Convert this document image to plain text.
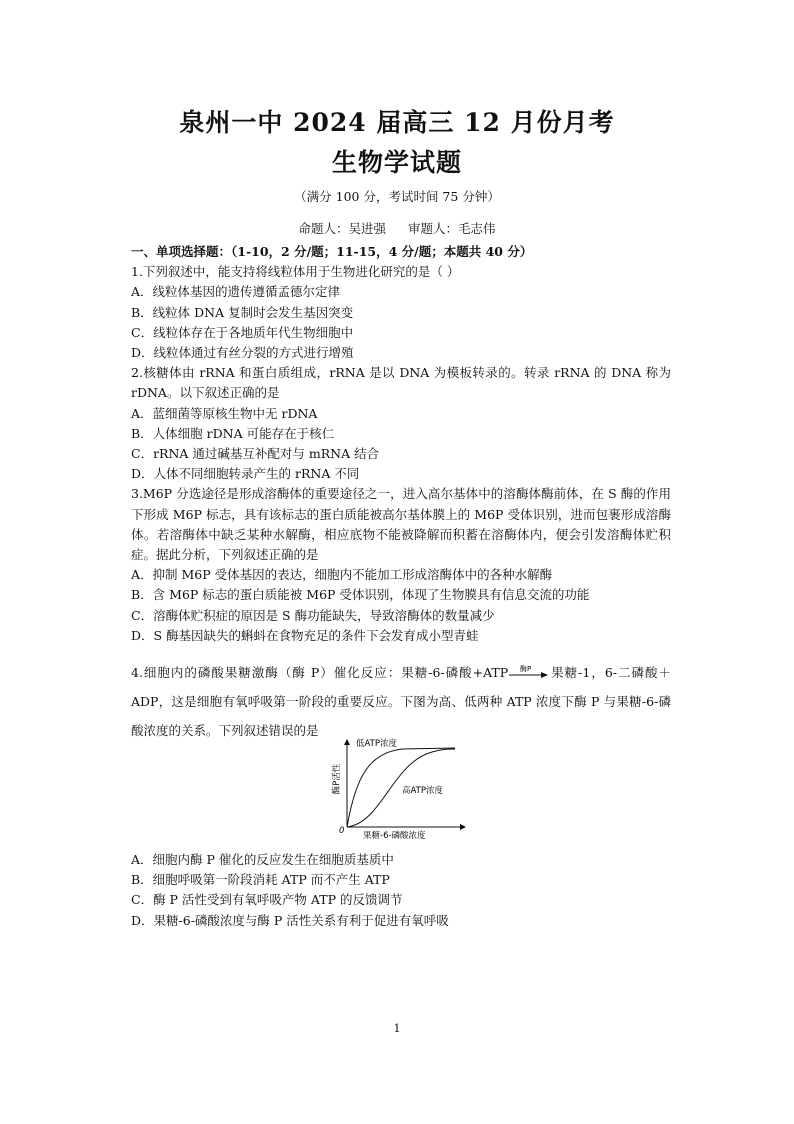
泉州一中 2024 届高三 12 月份月考
生物学试题
（满分 100 分，考试时间 75 分钟）
命题人：吴进强 审题人：毛志伟

一、单项选择题：（1-10，2 分/题；11-15，4 分/题；本题共 40 分）

1.下列叙述中，能支持将线粒体用于生物进化研究的是（ ）

A．线粒体基因的遗传遵循孟德尔定律

B．线粒体 DNA 复制时会发生基因突变

C．线粒体存在于各地质年代生物细胞中

D．线粒体通过有丝分裂的方式进行增殖

2.核糖体由 rRNA 和蛋白质组成，rRNA 是以 DNA 为模板转录的。转录 rRNA 的 DNA 称为 rDNA。以下叙述正确的是

A．蓝细菌等原核生物中无 rDNA

B．人体细胞 rDNA 可能存在于核仁

C．rRNA 通过碱基互补配对与 mRNA 结合

D．人体不同细胞转录产生的 rRNA 不同

3.M6P 分选途径是形成溶酶体的重要途径之一，进入高尔基体中的溶酶体酶前体，在 S 酶的作用下形成 M6P 标志，具有该标志的蛋白质能被高尔基体膜上的 M6P 受体识别，进而包裹形成溶酶体。若溶酶体中缺乏某种水解酶，相应底物不能被降解而积蓄在溶酶体内，便会引发溶酶体贮积症。据此分析，下列叙述正确的是

A．抑制 M6P 受体基因的表达，细胞内不能加工形成溶酶体中的各种水解酶

B．含 M6P 标志的蛋白质能被 M6P 受体识别，体现了生物膜具有信息交流的功能

C．溶酶体贮积症的原因是 S 酶功能缺失，导致溶酶体的数量减少

D．S 酶基因缺失的蝌蚪在食物充足的条件下会发育成小型青蛙

4.细胞内的磷酸果糖激酶（酶 P）催化反应：果糖-6-磷酸+ATP 酶P 果糖-1，6-二磷酸＋ADP，这是细胞有氧呼吸第一阶段的重要反应。下图为高、低两种 ATP 浓度下酶 P 与果糖-6-磷酸浓度的关系。下列叙述错误的是

低ATP浓度
高ATP浓度
酶P活性
果糖-6-磷酸浓度
0

A．细胞内酶 P 催化的反应发生在细胞质基质中

B．细胞呼吸第一阶段消耗 ATP 而不产生 ATP

C．酶 P 活性受到有氧呼吸产物 ATP 的反馈调节

D．果糖-6-磷酸浓度与酶 P 活性关系有利于促进有氧呼吸

1
